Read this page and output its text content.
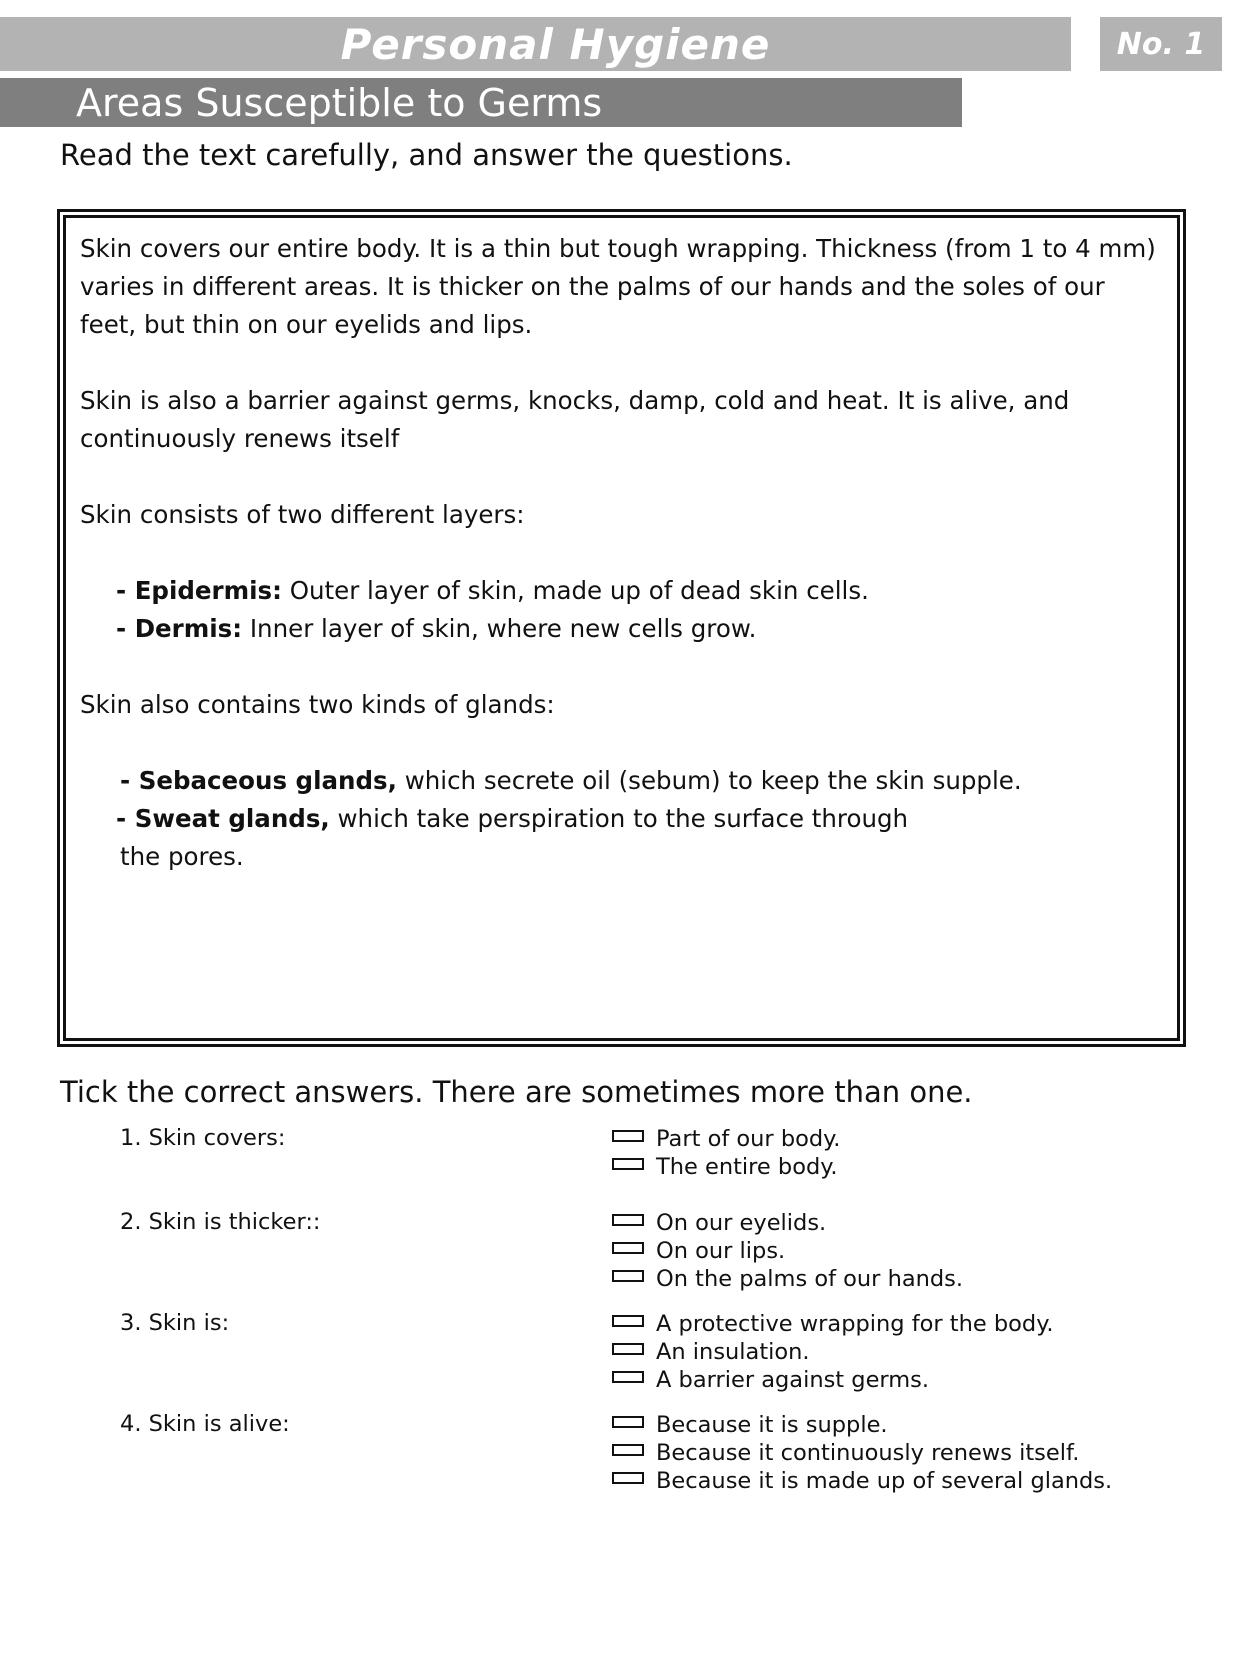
Personal Hygiene	No. 1
Areas Susceptible to Germs
Read the text carefully, and answer the questions.

Skin covers our entire body. It is a thin but tough wrapping. Thickness (from 1 to 4 mm) varies in different areas. It is thicker on the palms of our hands and the soles of our feet, but thin on our eyelids and lips.

Skin is also a barrier against germs, knocks, damp, cold and heat. It is alive, and continuously renews itself

Skin consists of two different layers:

- Epidermis: Outer layer of skin, made up of dead skin cells.

- Dermis: Inner layer of skin, where new cells grow.

Skin also contains two kinds of glands:

- Sebaceous glands, which secrete oil (sebum) to keep the skin supple.

- Sweat glands, which take perspiration to the surface through

the pores.

Tick the correct answers. There are sometimes more than one.
1. Skin covers:	Part of our body.
The entire body.
2. Skin is thicker::	On our eyelids.
On our lips.
On the palms of our hands.
3. Skin is:	A protective wrapping for the body.
An insulation.
A barrier against germs.
4. Skin is alive:	Because it is supple.
Because it continuously renews itself.
Because it is made up of several glands.
